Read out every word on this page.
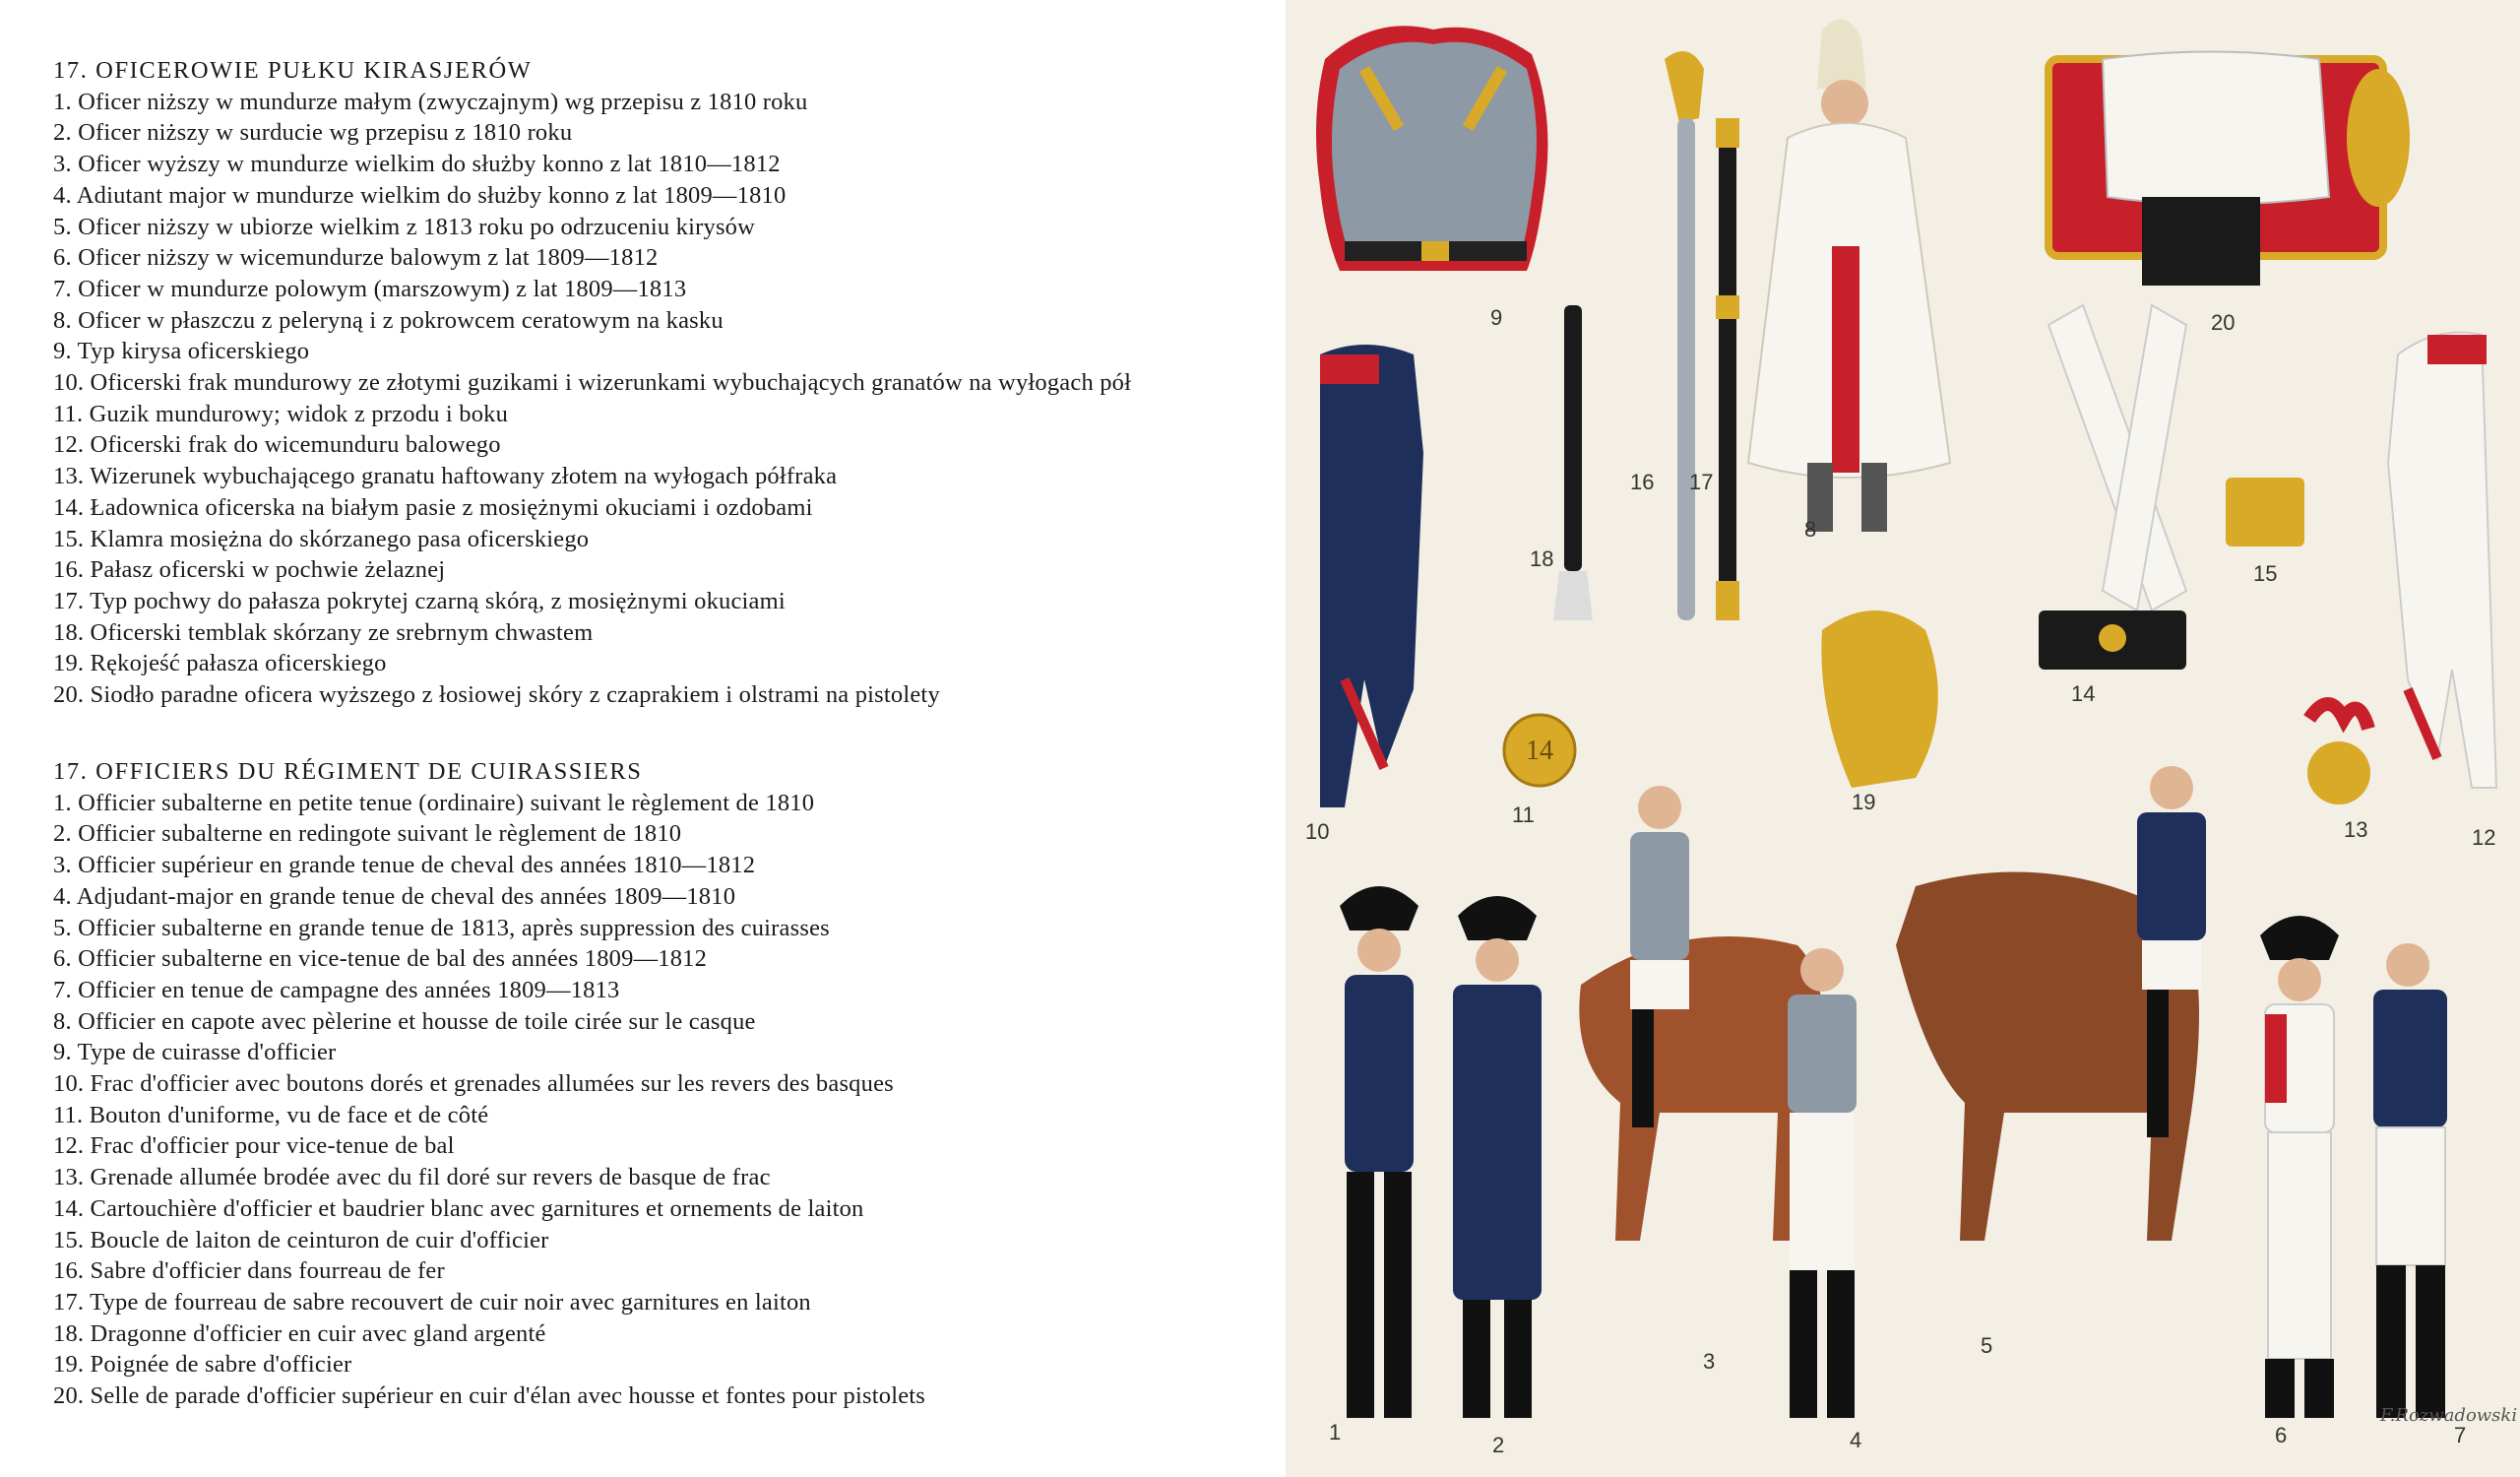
17. OFICEROWIE PUŁKU KIRASJERÓW
1. Oficer niższy w mundurze małym (zwyczajnym) wg przepisu z 1810 roku
2. Oficer niższy w surducie wg przepisu z 1810 roku
3. Oficer wyższy w mundurze wielkim do służby konno z lat 1810—1812
4. Adiutant major w mundurze wielkim do służby konno z lat 1809—1810
5. Oficer niższy w ubiorze wielkim z 1813 roku po odrzuceniu kirysów
6. Oficer niższy w wicemundurze balowym z lat 1809—1812
7. Oficer w mundurze polowym (marszowym) z lat 1809—1813
8. Oficer w płaszczu z peleryną i z pokrowcem ceratowym na kasku
9. Typ kirysa oficerskiego
10. Oficerski frak mundurowy ze złotymi guzikami i wizerunkami wybuchających granatów na wyłogach pół
11. Guzik mundurowy; widok z przodu i boku
12. Oficerski frak do wicemunduru balowego
13. Wizerunek wybuchającego granatu haftowany złotem na wyłogach półfraka
14. Ładownica oficerska na białym pasie z mosiężnymi okuciami i ozdobami
15. Klamra mosiężna do skórzanego pasa oficerskiego
16. Pałasz oficerski w pochwie żelaznej
17. Typ pochwy do pałasza pokrytej czarną skórą, z mosiężnymi okuciami
18. Oficerski temblak skórzany ze srebrnym chwastem
19. Rękojeść pałasza oficerskiego
20. Siodło paradne oficera wyższego z łosiowej skóry z czaprakiem i olstrami na pistolety
17. OFFICIERS DU RÉGIMENT DE CUIRASSIERS
1. Officier subalterne en petite tenue (ordinaire) suivant le règlement de 1810
2. Officier subalterne en redingote suivant le règlement de 1810
3. Officier supérieur en grande tenue de cheval des années 1810—1812
4. Adjudant-major en grande tenue de cheval des années 1809—1810
5. Officier subalterne en grande tenue de 1813, après suppression des cuirasses
6. Officier subalterne en vice-tenue de bal des années 1809—1812
7. Officier en tenue de campagne des années 1809—1813
8. Officier en capote avec pèlerine et housse de toile cirée sur le casque
9. Type de cuirasse d'officier
10. Frac d'officier avec boutons dorés et grenades allumées sur les revers des basques
11. Bouton d'uniforme, vu de face et de côté
12. Frac d'officier pour vice-tenue de bal
13. Grenade allumée brodée avec du fil doré sur revers de basque de frac
14. Cartouchière d'officier et baudrier blanc avec garnitures et ornements de laiton
15. Boucle de laiton de ceinturon de cuir d'officier
16. Sabre d'officier dans fourreau de fer
17. Type de fourreau de sabre recouvert de cuir noir avec garnitures en laiton
18. Dragonne d'officier en cuir avec gland argenté
19. Poignée de sabre d'officier
20. Selle de parade d'officier supérieur en cuir d'élan avec housse et fontes pour pistolets
14
1
2
3
4
5
6	7
8
9
10
11
12
13
14
15
16 17
18
19
20
F.Rozwadowski
